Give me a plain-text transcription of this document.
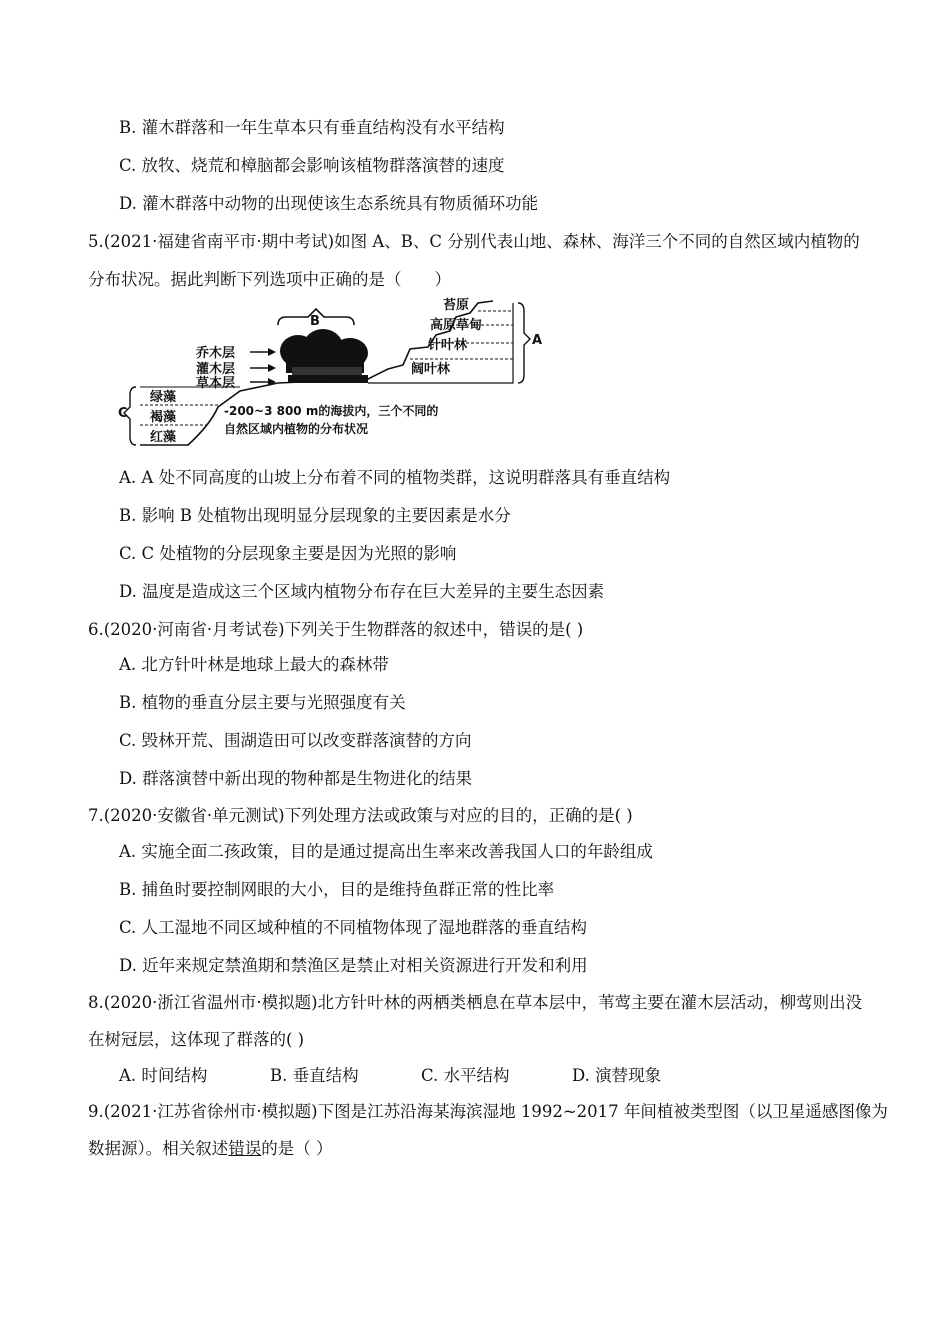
B. 灌木群落和一年生草本只有垂直结构没有水平结构
C. 放牧、烧荒和樟脑都会影响该植物群落演替的速度
D. 灌木群落中动物的出现使该生态系统具有物质循环功能
5.(2021·福建省南平市·期中考试)如图 A、B、C 分别代表山地、森林、海洋三个不同的自然区域内植物的
分布状况。据此判断下列选项中正确的是（　　）
B
乔木层
灌木层
草本层
苔原
高原草甸
针叶林
阔叶林
A
绿藻
褐藻
红藻
C	-200~3 800 m的海拔内，三个不同的
自然区域内植物的分布状况
A. A 处不同高度的山坡上分布着不同的植物类群，这说明群落具有垂直结构
B. 影响 B 处植物出现明显分层现象的主要因素是水分
C. C 处植物的分层现象主要是因为光照的影响
D. 温度是造成这三个区域内植物分布存在巨大差异的主要生态因素
6.(2020·河南省·月考试卷)下列关于生物群落的叙述中，错误的是( )
A. 北方针叶林是地球上最大的森林带
B. 植物的垂直分层主要与光照强度有关
C. 毁林开荒、围湖造田可以改变群落演替的方向
D. 群落演替中新出现的物种都是生物进化的结果
7.(2020·安徽省·单元测试)下列处理方法或政策与对应的目的，正确的是( )
A. 实施全面二孩政策，目的是通过提高出生率来改善我国人口的年龄组成
B. 捕鱼时要控制网眼的大小，目的是维持鱼群正常的性比率
C. 人工湿地不同区域种植的不同植物体现了湿地群落的垂直结构
D. 近年来规定禁渔期和禁渔区是禁止对相关资源进行开发和利用
8.(2020·浙江省温州市·模拟题)北方针叶林的两栖类栖息在草本层中，苇莺主要在灌木层活动，柳莺则出没
在树冠层，这体现了群落的( )
A. 时间结构	B. 垂直结构	C. 水平结构	D. 演替现象
9.(2021·江苏省徐州市·模拟题)下图是江苏沿海某海滨湿地 1992~2017 年间植被类型图（以卫星遥感图像为
数据源）。相关叙述错误的是（ ）
